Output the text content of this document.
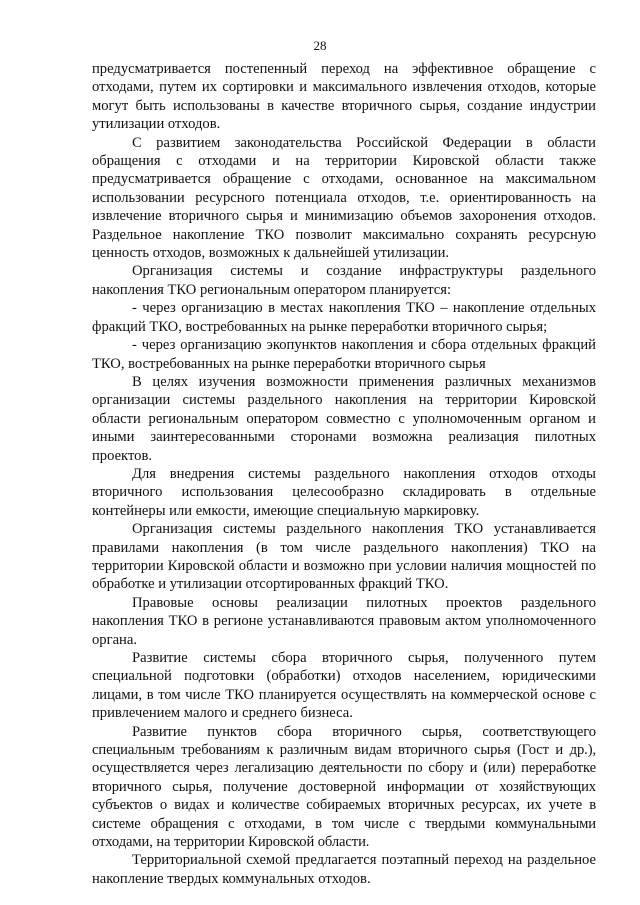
28

предусматривается постепенный переход на эффективное обращение с отходами, путем их сортировки и максимального извлечения отходов, которые могут быть использованы в качестве вторичного сырья, создание индустрии утилизации отходов.

С развитием законодательства Российской Федерации в области обращения с отходами и на территории Кировской области также предусматривается обращение с отходами, основанное на максимальном использовании ресурсного потенциала отходов, т.е. ориентированность на извлечение вторичного сырья и минимизацию объемов захоронения отходов. Раздельное накопление ТКО позволит максимально сохранять ресурсную ценность отходов, возможных к дальнейшей утилизации.

Организация системы и создание инфраструктуры раздельного накопления ТКО региональным оператором планируется:

- через организацию в местах накопления ТКО – накопление отдельных фракций ТКО, востребованных на рынке переработки вторичного сырья;

- через организацию экопунктов накопления и сбора отдельных фракций ТКО, востребованных на рынке переработки вторичного сырья

В целях изучения возможности применения различных механизмов организации системы раздельного накопления на территории Кировской области региональным оператором совместно с уполномоченным органом и иными заинтересованными сторонами возможна реализация пилотных проектов.

Для внедрения системы раздельного накопления отходов отходы вторичного использования целесообразно складировать в отдельные контейнеры или емкости, имеющие специальную маркировку.

Организация системы раздельного накопления ТКО устанавливается правилами накопления (в том числе раздельного накопления) ТКО на территории Кировской области и возможно при условии наличия мощностей по обработке и утилизации отсортированных фракций ТКО.

Правовые основы реализации пилотных проектов раздельного накопления ТКО в регионе устанавливаются правовым актом уполномоченного органа.

Развитие системы сбора вторичного сырья, полученного путем специальной подготовки (обработки) отходов населением, юридическими лицами, в том числе ТКО планируется осуществлять на коммерческой основе с привлечением малого и среднего бизнеса.

Развитие пунктов сбора вторичного сырья, соответствующего специальным требованиям к различным видам вторичного сырья (Гост и др.), осуществляется через легализацию деятельности по сбору и (или) переработке вторичного сырья, получение достоверной информации от хозяйствующих субъектов о видах и количестве собираемых вторичных ресурсах, их учете в системе обращения с отходами, в том числе с твердыми коммунальными отходами, на территории Кировской области.

Территориальной схемой предлагается поэтапный переход на раздельное накопление твердых коммунальных отходов.
